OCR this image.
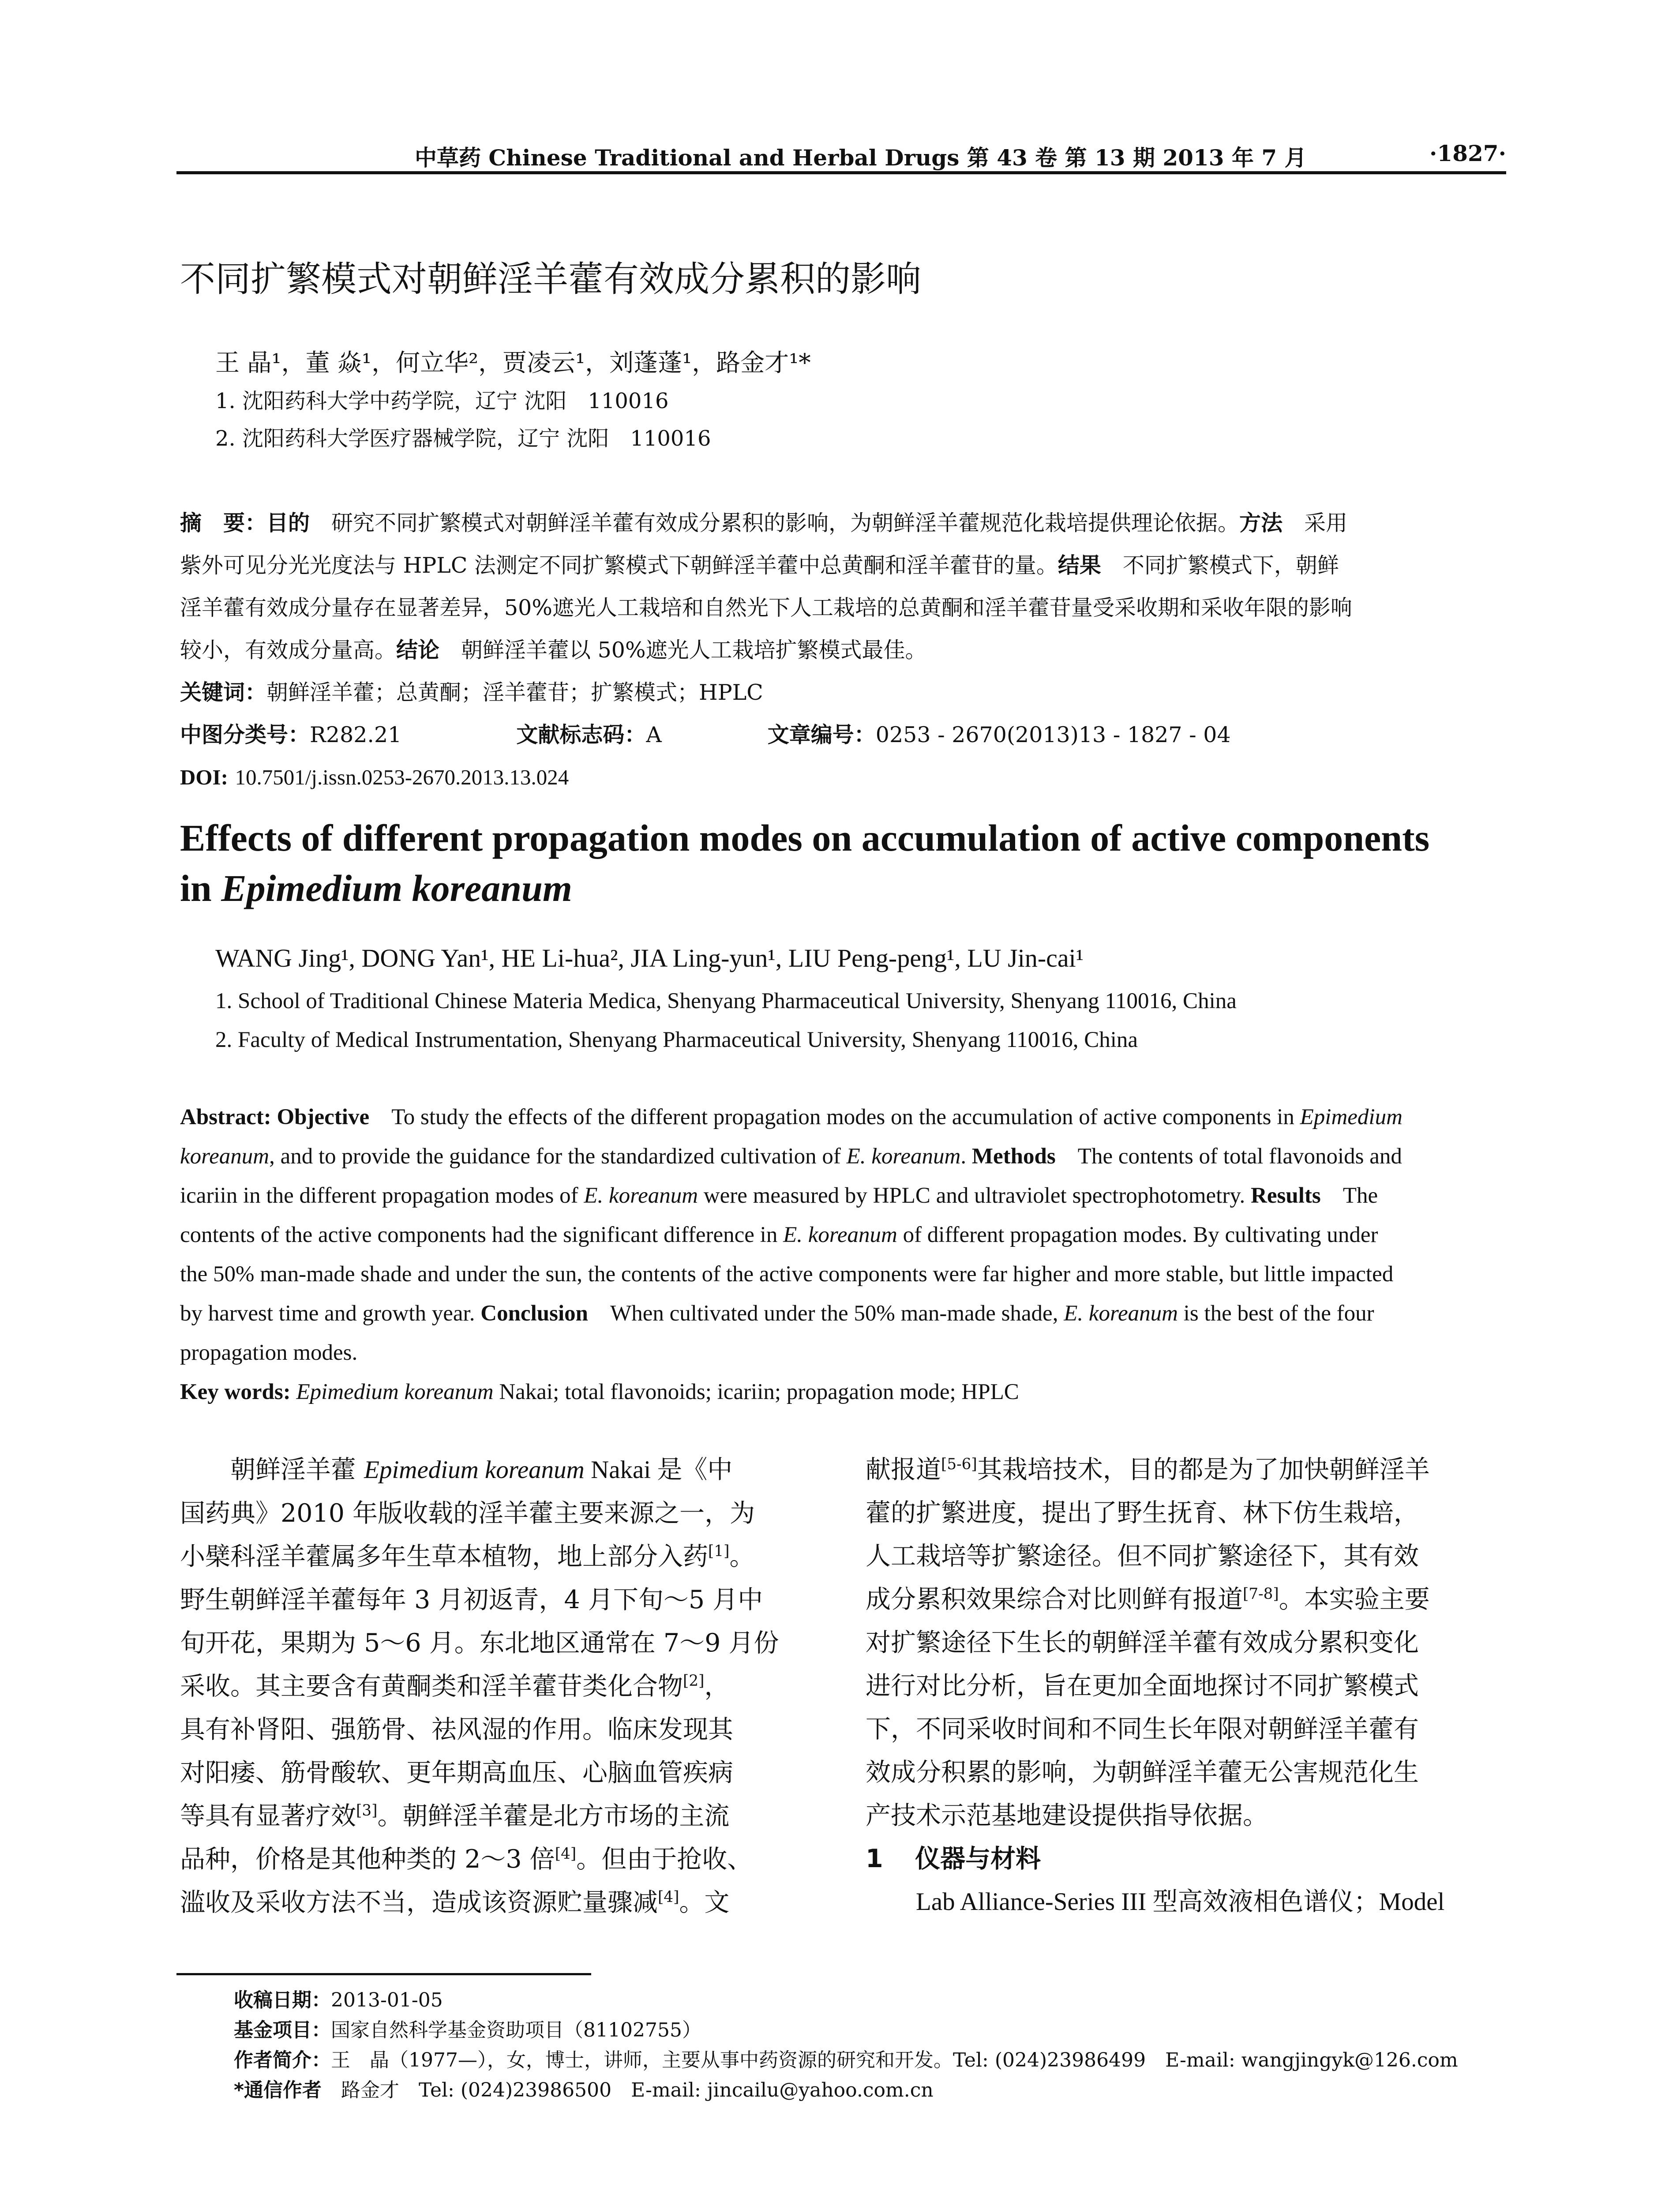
中草药 Chinese Traditional and Herbal Drugs 第 43 卷 第 13 期 2013 年 7 月	·1827·
不同扩繁模式对朝鲜淫羊藿有效成分累积的影响
王 晶¹，董 焱¹，何立华²，贾凌云¹，刘蓬蓬¹，路金才¹*
1. 沈阳药科大学中药学院，辽宁 沈阳　110016
2. 沈阳药科大学医疗器械学院，辽宁 沈阳　110016
摘　要：目的　 研究不同扩繁模式对朝鲜淫羊藿有效成分累积的影响，为朝鲜淫羊藿规范化栽培提供理论依据。方法　 采用
紫外可见分光光度法与 HPLC 法测定不同扩繁模式下朝鲜淫羊藿中总黄酮和淫羊藿苷的量。结果　 不同扩繁模式下，朝鲜
淫羊藿有效成分量存在显著差异，50%遮光人工栽培和自然光下人工栽培的总黄酮和淫羊藿苷量受采收期和采收年限的影响
较小，有效成分量高。结论　 朝鲜淫羊藿以 50%遮光人工栽培扩繁模式最佳。
关键词：朝鲜淫羊藿；总黄酮；淫羊藿苷；扩繁模式；HPLC
中图分类号：R282.21	文献标志码：A	文章编号：0253 - 2670(2013)13 - 1827 - 04
DOI: 10.7501/j.issn.0253-2670.2013.13.024
Effects of different propagation modes on accumulation of active components
in Epimedium koreanum
WANG Jing¹, DONG Yan¹, HE Li-hua², JIA Ling-yun¹, LIU Peng-peng¹, LU Jin-cai¹
1. School of Traditional Chinese Materia Medica, Shenyang Pharmaceutical University, Shenyang 110016, China
2. Faculty of Medical Instrumentation, Shenyang Pharmaceutical University, Shenyang 110016, China
Abstract: Objective To study the effects of the different propagation modes on the accumulation of active components in Epimedium
koreanum, and to provide the guidance for the standardized cultivation of E. koreanum. Methods The contents of total flavonoids and
icariin in the different propagation modes of E. koreanum were measured by HPLC and ultraviolet spectrophotometry. Results The
contents of the active components had the significant difference in E. koreanum of different propagation modes. By cultivating under
the 50% man-made shade and under the sun, the contents of the active components were far higher and more stable, but little impacted
by harvest time and growth year. Conclusion When cultivated under the 50% man-made shade, E. koreanum is the best of the four
propagation modes.
Key words: Epimedium koreanum Nakai; total flavonoids; icariin; propagation mode; HPLC
朝鲜淫羊藿 Epimedium koreanum Nakai 是《中
国药典》2010 年版收载的淫羊藿主要来源之一，为
小檗科淫羊藿属多年生草本植物，地上部分入药[1]。
野生朝鲜淫羊藿每年 3 月初返青，4 月下旬～5 月中
旬开花，果期为 5～6 月。东北地区通常在 7～9 月份
采收。其主要含有黄酮类和淫羊藿苷类化合物[2]，
具有补肾阳、强筋骨、祛风湿的作用。临床发现其
对阳痿、筋骨酸软、更年期高血压、心脑血管疾病
等具有显著疗效[3]。朝鲜淫羊藿是北方市场的主流
品种，价格是其他种类的 2～3 倍[4]。但由于抢收、
滥收及采收方法不当，造成该资源贮量骤减[4]。文
献报道[5-6]其栽培技术，目的都是为了加快朝鲜淫羊
藿的扩繁进度，提出了野生抚育、林下仿生栽培，
人工栽培等扩繁途径。但不同扩繁途径下，其有效
成分累积效果综合对比则鲜有报道[7-8]。本实验主要
对扩繁途径下生长的朝鲜淫羊藿有效成分累积变化
进行对比分析，旨在更加全面地探讨不同扩繁模式
下，不同采收时间和不同生长年限对朝鲜淫羊藿有
效成分积累的影响，为朝鲜淫羊藿无公害规范化生
产技术示范基地建设提供指导依据。
1 仪器与材料
Lab Alliance-Series III 型高效液相色谱仪；Model
收稿日期：2013-01-05
基金项目：国家自然科学基金资助项目（81102755）
作者简介：王　晶（1977—），女，博士，讲师，主要从事中药资源的研究和开发。Tel: (024)23986499　E-mail: wangjingyk@126.com
*通信作者　 路金才　Tel: (024)23986500　E-mail: jincailu@yahoo.com.cn
